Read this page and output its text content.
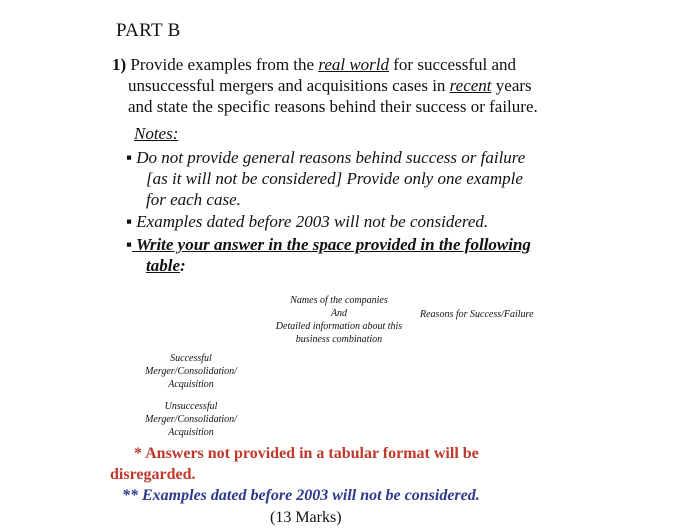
PART B
1) Provide examples from the real world for successful and
unsuccessful mergers and acquisitions cases in recent years
and state the specific reasons behind their success or failure.
Notes:
▪ Do not provide general reasons behind success or failure
[as it will not be considered] Provide only one example
for each case.
▪ Examples dated before 2003 will not be considered.
▪ Write your answer in the space provided in the following
table:
Names of the companies
And
Detailed information about this
business combination
Reasons for Success/Failure
Successful
Merger/Consolidation/
Acquisition
Unsuccessful
Merger/Consolidation/
Acquisition
* Answers not provided in a tabular format will be
disregarded.
** Examples dated before 2003 will not be considered.
(13 Marks)
